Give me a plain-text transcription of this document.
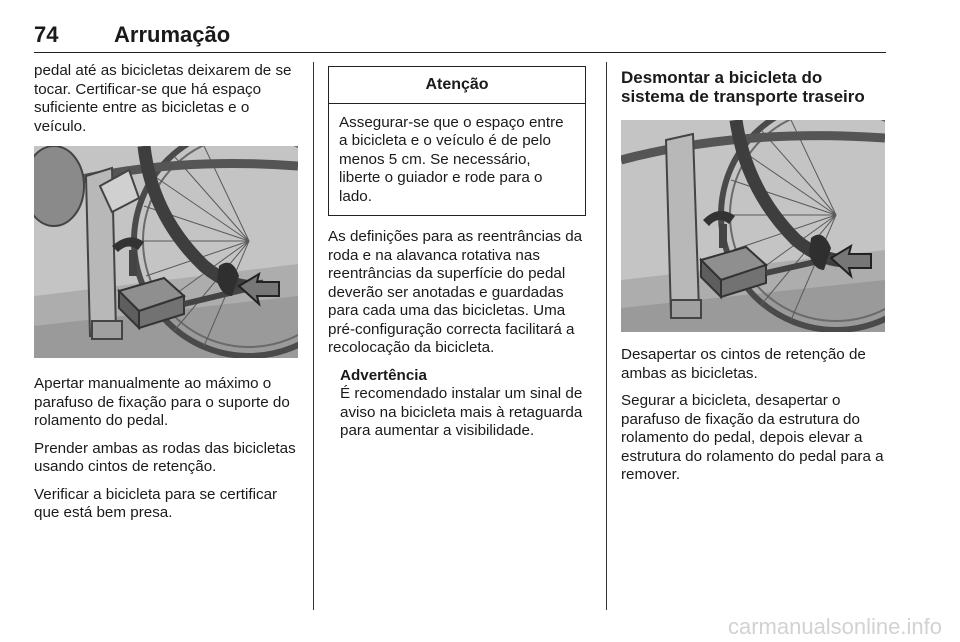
74	Arrumação

pedal até as bicicletas deixarem de se tocar. Certificar-se que há espaço suficiente entre as bicicletas e o veículo.

Apertar manualmente ao máximo o parafuso de fixação para o suporte do rolamento do pedal.

Prender ambas as rodas das bicicletas usando cintos de retenção.

Verificar a bicicleta para se certificar que está bem presa.

Atenção
Assegurar-se que o espaço entre a bicicleta e o veículo é de pelo menos 5 cm. Se necessário, liberte o guiador e rode para o lado.

As definições para as reentrâncias da roda e na alavanca rotativa nas reentrâncias da superfície do pedal deverão ser anotadas e guardadas para cada uma das bicicletas. Uma pré-configuração correcta facilitará a recolocação da bicicleta.

Advertência
É recomendado instalar um sinal de aviso na bicicleta mais à retaguarda para aumentar a visibilidade.
Desmontar a bicicleta do sistema de transporte traseiro

Desapertar os cintos de retenção de ambas as bicicletas.

Segurar a bicicleta, desapertar o parafuso de fixação da estrutura do rolamento do pedal, depois elevar a estrutura do rolamento do pedal para a remover.

carmanualsonline.info
